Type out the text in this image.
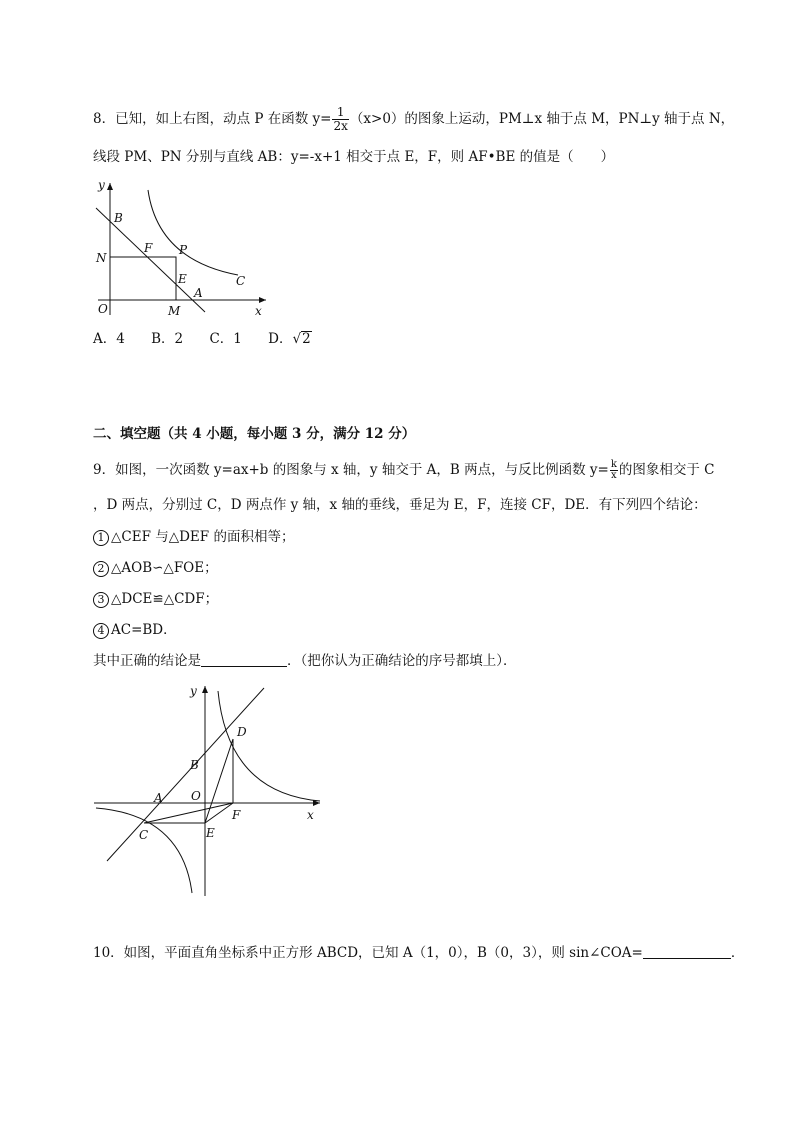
8．已知，如上右图，动点 P 在函数 $y= \frac{1}{2x} (x>0)$的图象上运动，PM⊥x 轴于点 M，PN⊥y 轴于点 N，
线段 PM、PN 分别与直线 AB：y=-x+1 相交于点 E，F，则 AF•BE 的值是（　　）
y
x
O
B
N
F P
E
A
C
M
A．4 B．2 C．1 D．√2
二、填空题（共 4 小题，每小题 3 分，满分 12 分）
9．如图，一次函数 y=ax+b 的图象与 x 轴，y 轴交于 A，B 两点，与反比例函数 $y= \frac{k}{x}$ 的图象相交于 C
，D 两点，分别过 C，D 两点作 y 轴，x 轴的垂线，垂足为 E，F，连接 CF，DE．有下列四个结论：
1 △CEF 与△DEF 的面积相等；
2 △AOB∽△FOE；
3 △DCE≌△CDF；
4 AC=BD．
其中正确的结论是	．（把你认为正确结论的序号都填上）．
y
x
D
B
A O
F
C	E
10．如图，平面直角坐标系中正方形 ABCD，已知 A（1，0），B（0，3），则 sin∠COA=	．
